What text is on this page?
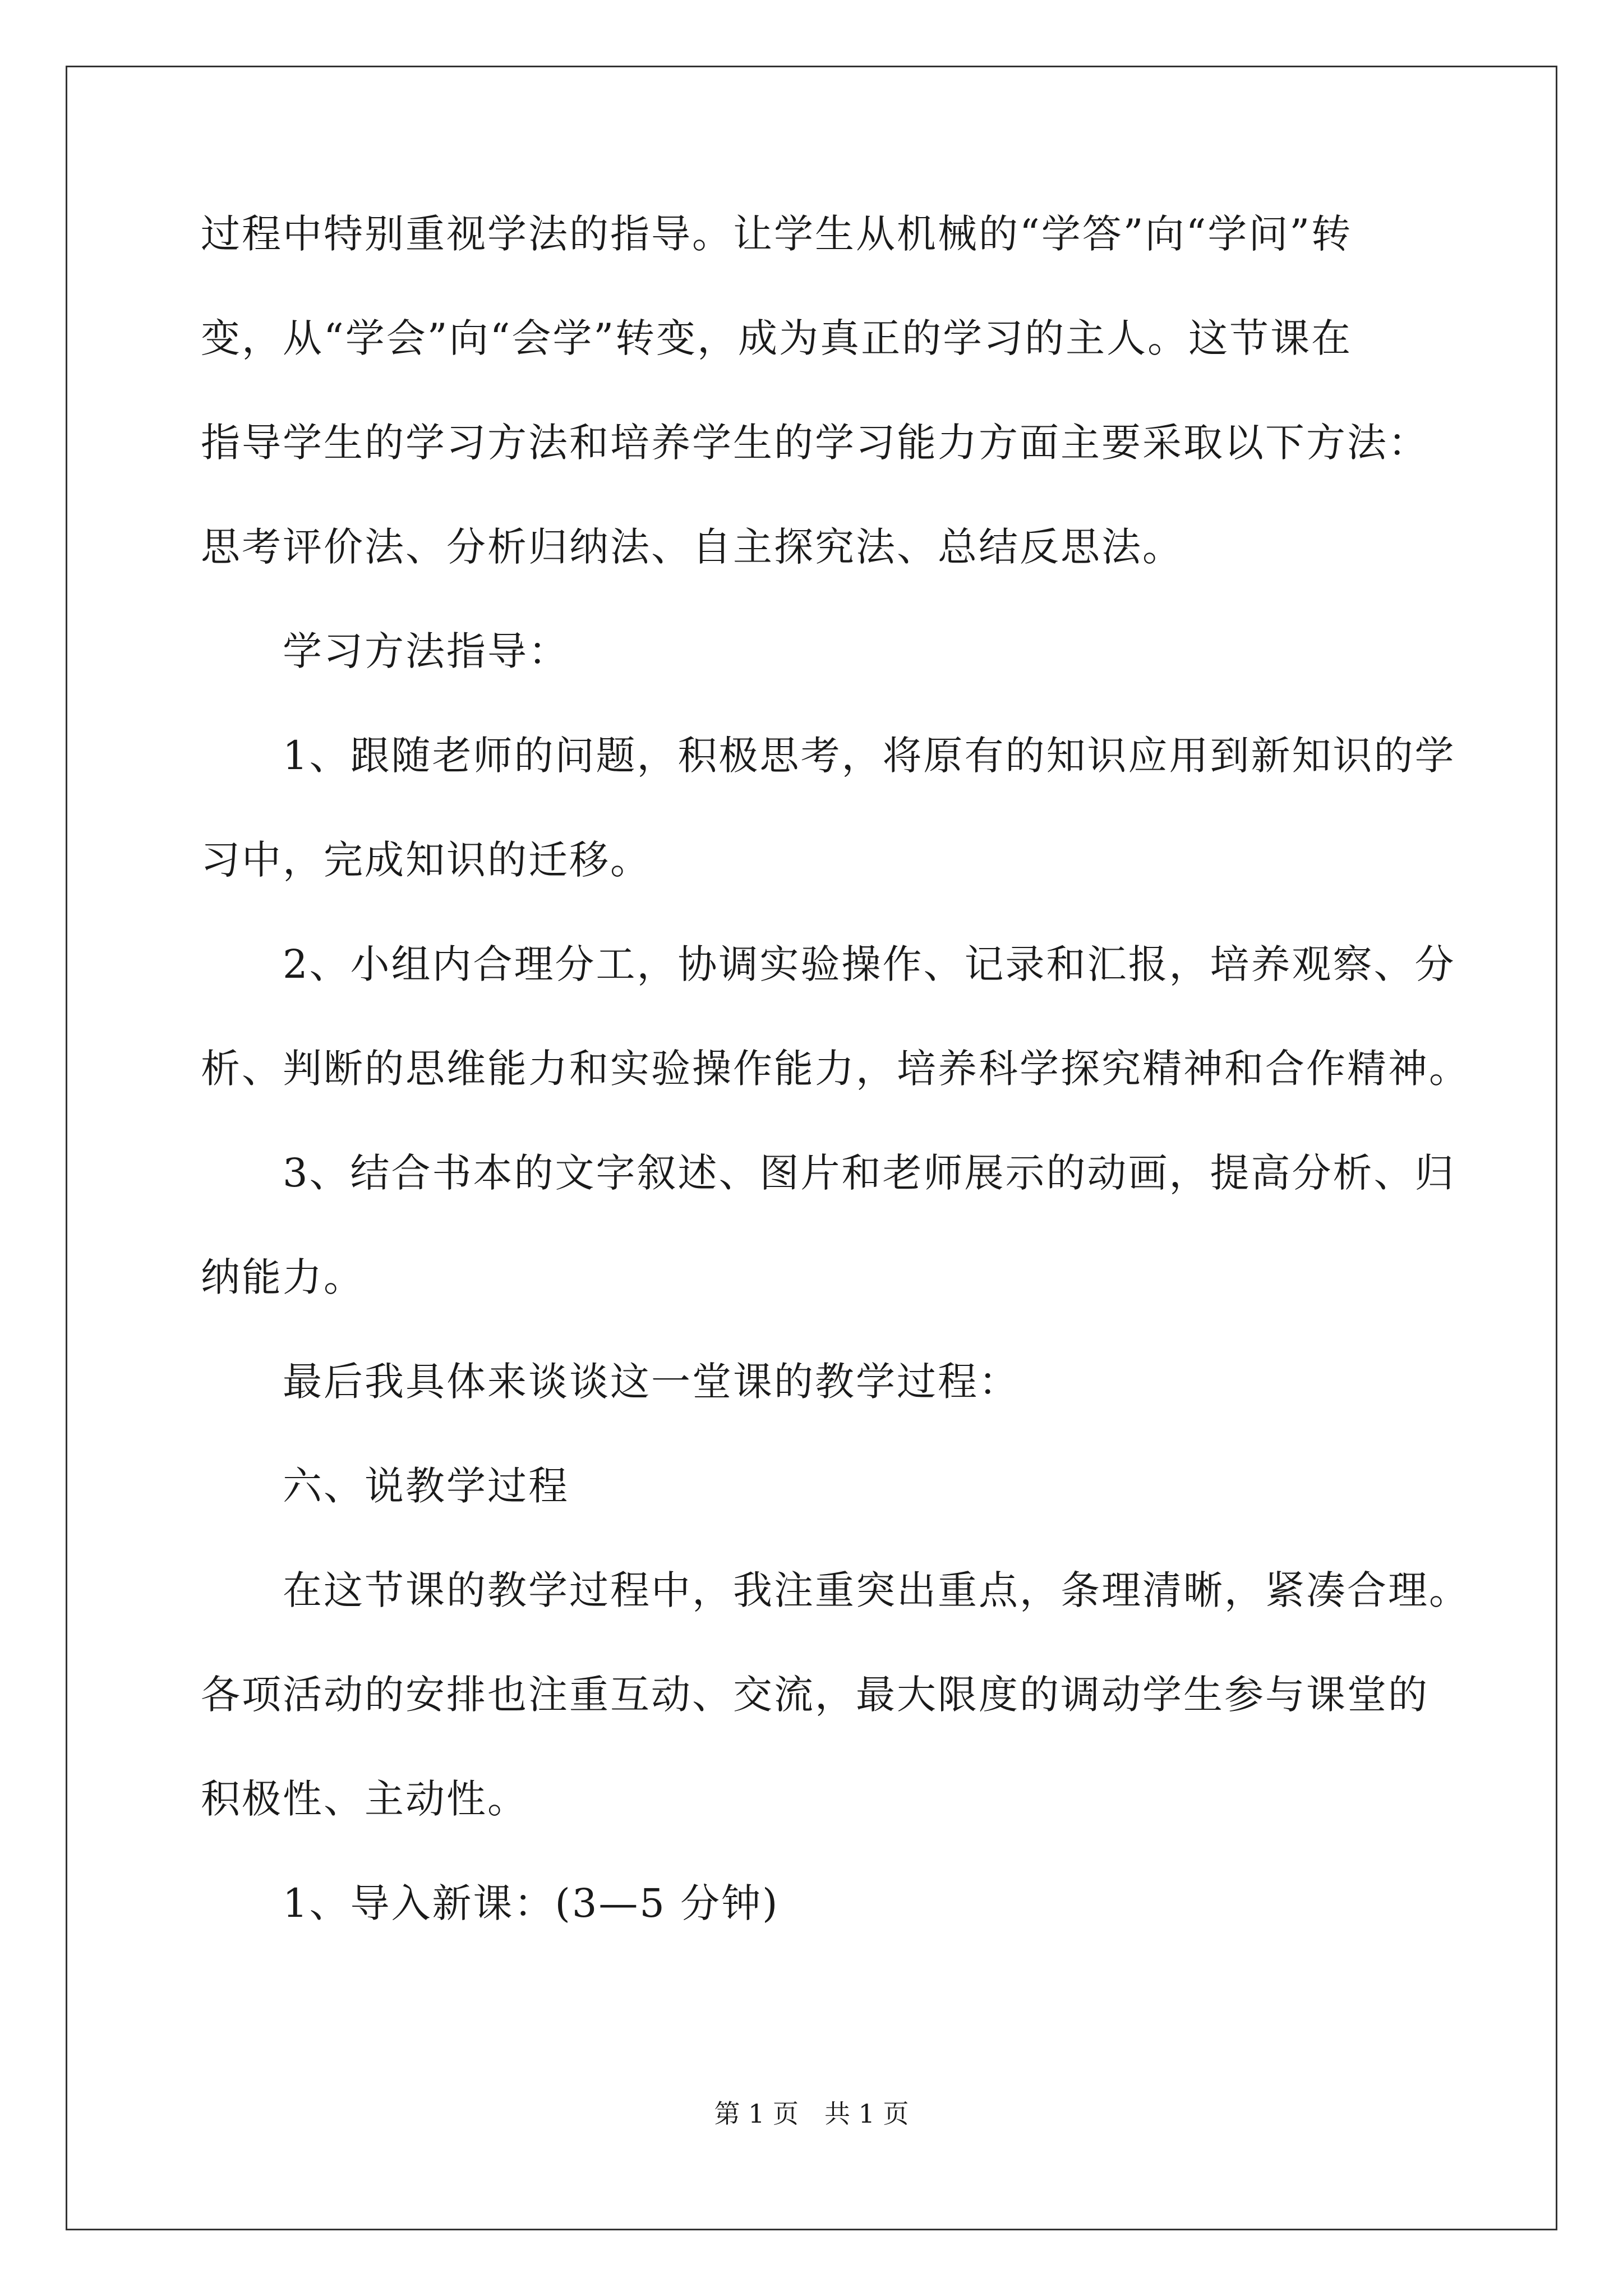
过程中特别重视学法的指导。让学生从机械的“学答”向“学问”转
变，从“学会”向“会学”转变，成为真正的学习的主人。这节课在
指导学生的学习方法和培养学生的学习能力方面主要采取以下方法：
思考评价法、分析归纳法、自主探究法、总结反思法。
学习方法指导：
1、跟随老师的问题，积极思考，将原有的知识应用到新知识的学
习中，完成知识的迁移。
2、小组内合理分工，协调实验操作、记录和汇报，培养观察、分
析、判断的思维能力和实验操作能力，培养科学探究精神和合作精神。
3、结合书本的文字叙述、图片和老师展示的动画，提高分析、归
纳能力。
最后我具体来谈谈这一堂课的教学过程：
六、说教学过程
在这节课的教学过程中，我注重突出重点，条理清晰，紧凑合理。
各项活动的安排也注重互动、交流，最大限度的调动学生参与课堂的
积极性、主动性。
1、导入新课：(3—5 分钟)
第 1 页　共 1 页
